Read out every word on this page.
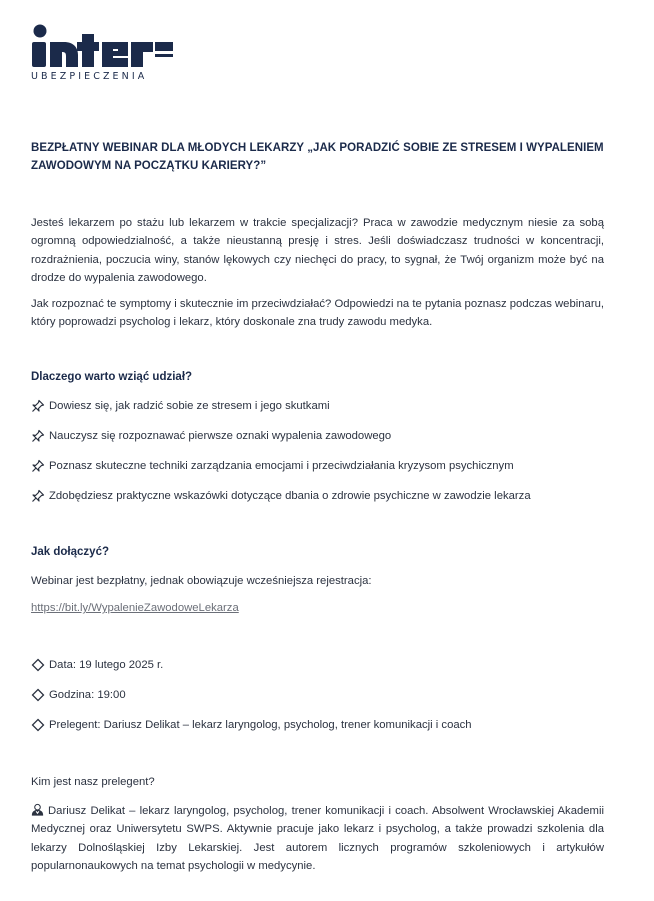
UBEZPIECZENIA
BEZPŁATNY WEBINAR DLA MŁODYCH LEKARZY „JAK PORADZIĆ SOBIE ZE STRESEM I WYPALENIEM ZAWODOWYM NA POCZĄTKU KARIERY?”
Jesteś lekarzem po stażu lub lekarzem w trakcie specjalizacji? Praca w zawodzie medycznym niesie za sobą ogromną odpowiedzialność, a także nieustanną presję i stres. Jeśli doświadczasz trudności w koncentracji, rozdrażnienia, poczucia winy, stanów lękowych czy niechęci do pracy, to sygnał, że Twój organizm może być na drodze do wypalenia zawodowego.
Jak rozpoznać te symptomy i skutecznie im przeciwdziałać? Odpowiedzi na te pytania poznasz podczas webinaru, który poprowadzi psycholog i lekarz, który doskonale zna trudy zawodu medyka.
Dlaczego warto wziąć udział?
Dowiesz się, jak radzić sobie ze stresem i jego skutkami
Nauczysz się rozpoznawać pierwsze oznaki wypalenia zawodowego
Poznasz skuteczne techniki zarządzania emocjami i przeciwdziałania kryzysom psychicznym
Zdobędziesz praktyczne wskazówki dotyczące dbania o zdrowie psychiczne w zawodzie lekarza
Jak dołączyć?
Webinar jest bezpłatny, jednak obowiązuje wcześniejsza rejestracja:
https://bit.ly/WypalenieZawodoweLekarza
Data: 19 lutego 2025 r.
Godzina: 19:00
Prelegent: Dariusz Delikat – lekarz laryngolog, psycholog, trener komunikacji i coach
Kim jest nasz prelegent?
Dariusz Delikat – lekarz laryngolog, psycholog, trener komunikacji i coach. Absolwent Wrocławskiej Akademii Medycznej oraz Uniwersytetu SWPS. Aktywnie pracuje jako lekarz i psycholog, a także prowadzi szkolenia dla lekarzy Dolnośląskiej Izby Lekarskiej. Jest autorem licznych programów szkoleniowych i artykułów popularnonaukowych na temat psychologii w medycynie.
